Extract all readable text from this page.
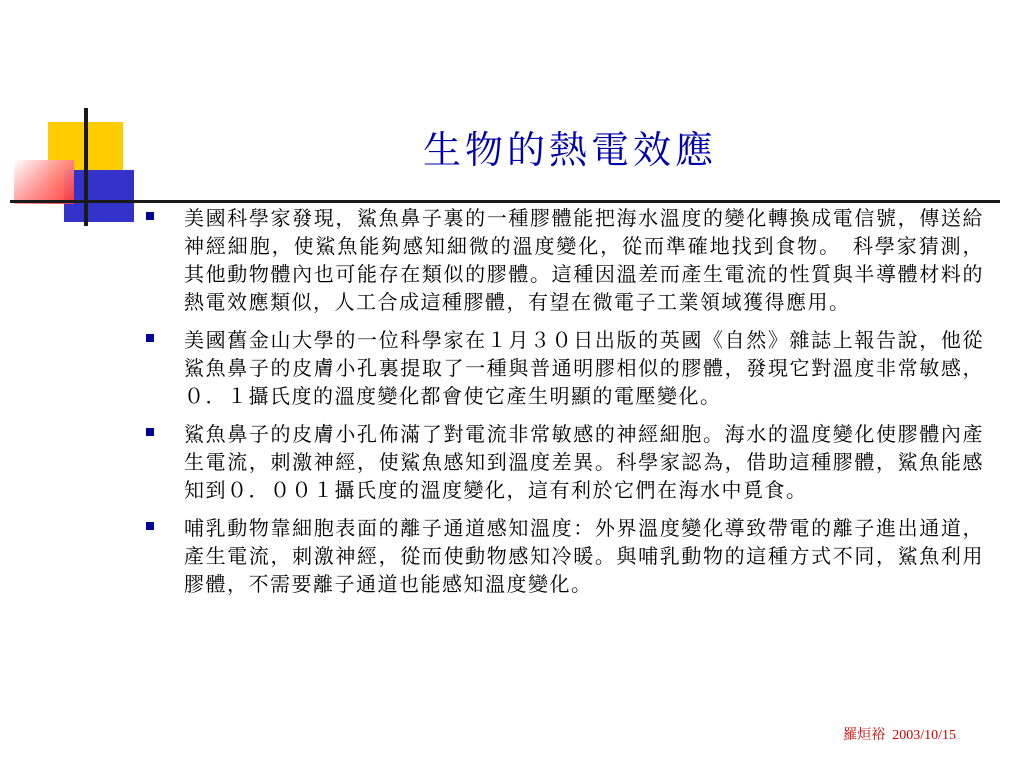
生物的熱電效應
美國科學家發現，鯊魚鼻子裏的一種膠體能把海水溫度的變化轉換成電信號，傳送給神經細胞，使鯊魚能夠感知細微的溫度變化，從而準確地找到食物。　科學家猜測，其他動物體內也可能存在類似的膠體。這種因溫差而產生電流的性質與半導體材料的熱電效應類似，人工合成這種膠體，有望在微電子工業領域獲得應用。
美國舊金山大學的一位科學家在１月３０日出版的英國《自然》雜誌上報告說，他從鯊魚鼻子的皮膚小孔裏提取了一種與普通明膠相似的膠體，發現它對溫度非常敏感，０．１攝氏度的溫度變化都會使它產生明顯的電壓變化。
鯊魚鼻子的皮膚小孔佈滿了對電流非常敏感的神經細胞。海水的溫度變化使膠體內產生電流，刺激神經，使鯊魚感知到溫度差異。科學家認為，借助這種膠體，鯊魚能感知到０．００１攝氏度的溫度變化，這有利於它們在海水中覓食。
哺乳動物靠細胞表面的離子通道感知溫度：外界溫度變化導致帶電的離子進出通道，產生電流，刺激神經，從而使動物感知冷暖。與哺乳動物的這種方式不同，鯊魚利用膠體，不需要離子通道也能感知溫度變化。
羅烜裕  2003/10/15
